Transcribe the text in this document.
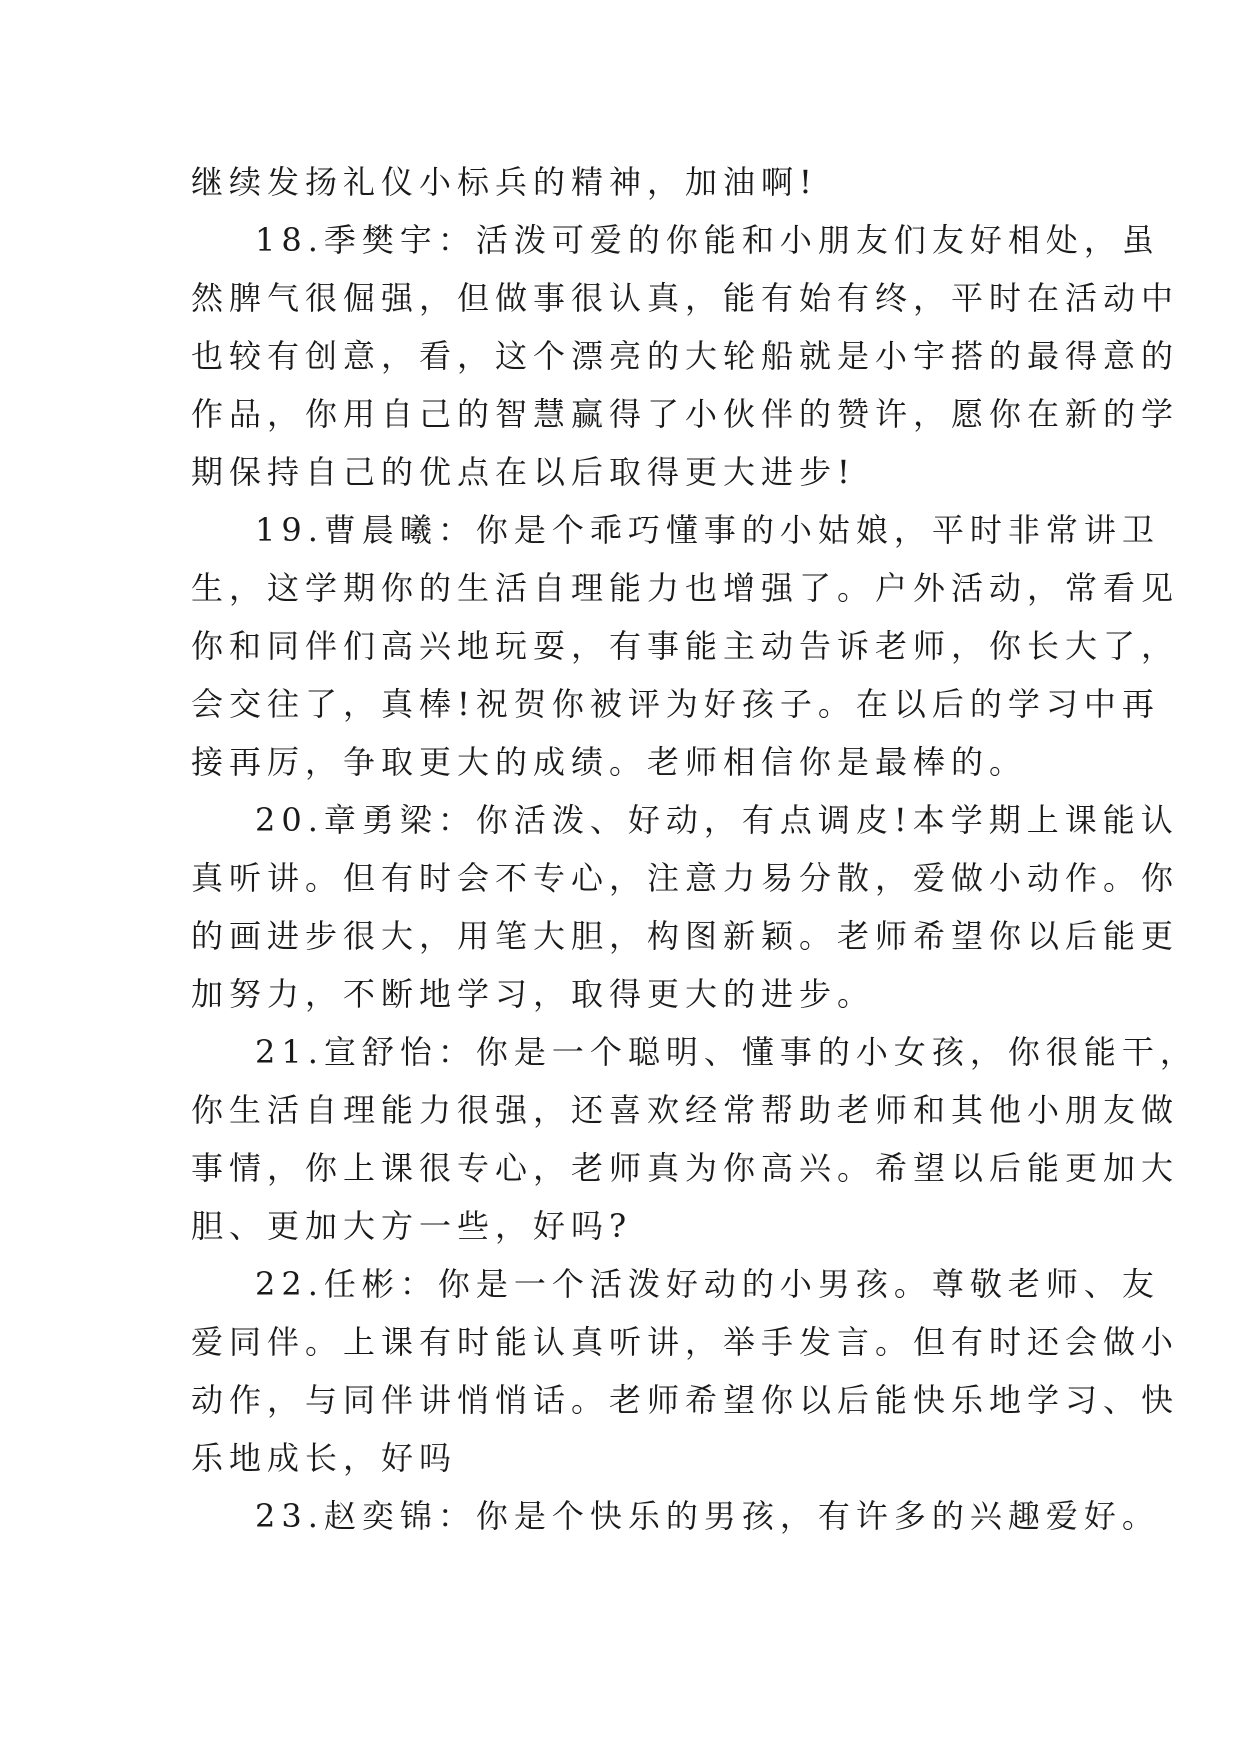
继续发扬礼仪小标兵的精神，加油啊!
18.季樊宇：活泼可爱的你能和小朋友们友好相处，虽
然脾气很倔强，但做事很认真，能有始有终，平时在活动中
也较有创意，看，这个漂亮的大轮船就是小宇搭的最得意的
作品，你用自己的智慧赢得了小伙伴的赞许，愿你在新的学
期保持自己的优点在以后取得更大进步!
19.曹晨曦：你是个乖巧懂事的小姑娘，平时非常讲卫
生，这学期你的生活自理能力也增强了。户外活动，常看见
你和同伴们高兴地玩耍，有事能主动告诉老师，你长大了，
会交往了，真棒!祝贺你被评为好孩子。在以后的学习中再
接再厉，争取更大的成绩。老师相信你是最棒的。
20.章勇梁：你活泼、好动，有点调皮!本学期上课能认
真听讲。但有时会不专心，注意力易分散，爱做小动作。你
的画进步很大，用笔大胆，构图新颖。老师希望你以后能更
加努力，不断地学习，取得更大的进步。
21.宣舒怡：你是一个聪明、懂事的小女孩，你很能干，
你生活自理能力很强，还喜欢经常帮助老师和其他小朋友做
事情，你上课很专心，老师真为你高兴。希望以后能更加大
胆、更加大方一些，好吗?
22.任彬：你是一个活泼好动的小男孩。尊敬老师、友
爱同伴。上课有时能认真听讲，举手发言。但有时还会做小
动作，与同伴讲悄悄话。老师希望你以后能快乐地学习、快
乐地成长，好吗
23.赵奕锦：你是个快乐的男孩，有许多的兴趣爱好。
